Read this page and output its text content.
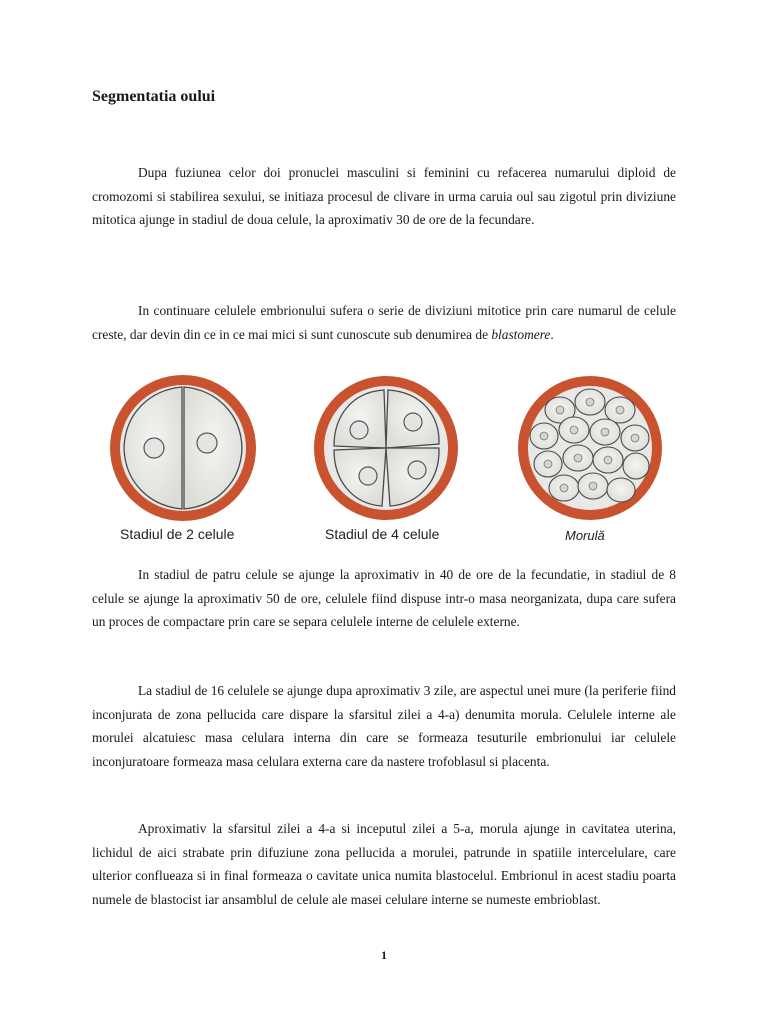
Segmentatia oului

Dupa fuziunea celor doi pronuclei masculini si feminini cu refacerea numarului diploid de cromozomi si stabilirea sexului, se initiaza procesul de clivare in urma caruia oul sau zigotul prin diviziune mitotica ajunge in stadiul de doua celule, la aproximativ 30 de ore de la fecundare.

In continuare celulele embrionului sufera o serie de diviziuni mitotice prin care numarul de celule creste, dar devin din ce in ce mai mici si sunt cunoscute sub denumirea de blastomere.

Stadiul de 2 celule	Stadiul de 4 celule	Morulă

In stadiul de patru celule se ajunge la aproximativ in 40 de ore de la fecundatie, in stadiul de 8 celule se ajunge la aproximativ 50 de ore, celulele fiind dispuse intr-o masa neorganizata, dupa care sufera un proces de compactare prin care se separa celulele interne de celulele externe.

La stadiul de 16 celulele se ajunge dupa aproximativ 3 zile, are aspectul unei mure (la periferie fiind inconjurata de zona pellucida care dispare la sfarsitul zilei a 4-a) denumita morula. Celulele interne ale morulei alcatuiesc masa celulara interna din care se formeaza tesuturile embrionului iar celulele inconjuratoare formeaza masa celulara externa care da nastere trofoblasul si placenta.

Aproximativ la sfarsitul zilei a 4-a si inceputul zilei a 5-a, morula ajunge in cavitatea uterina, lichidul de aici strabate prin difuziune zona pellucida a morulei, patrunde in spatiile intercelulare, care ulterior conflueaza si in final formeaza o cavitate unica numita blastocelul. Embrionul in acest stadiu poarta numele de blastocist iar ansamblul de celule ale masei celulare interne se numeste embrioblast.

1
